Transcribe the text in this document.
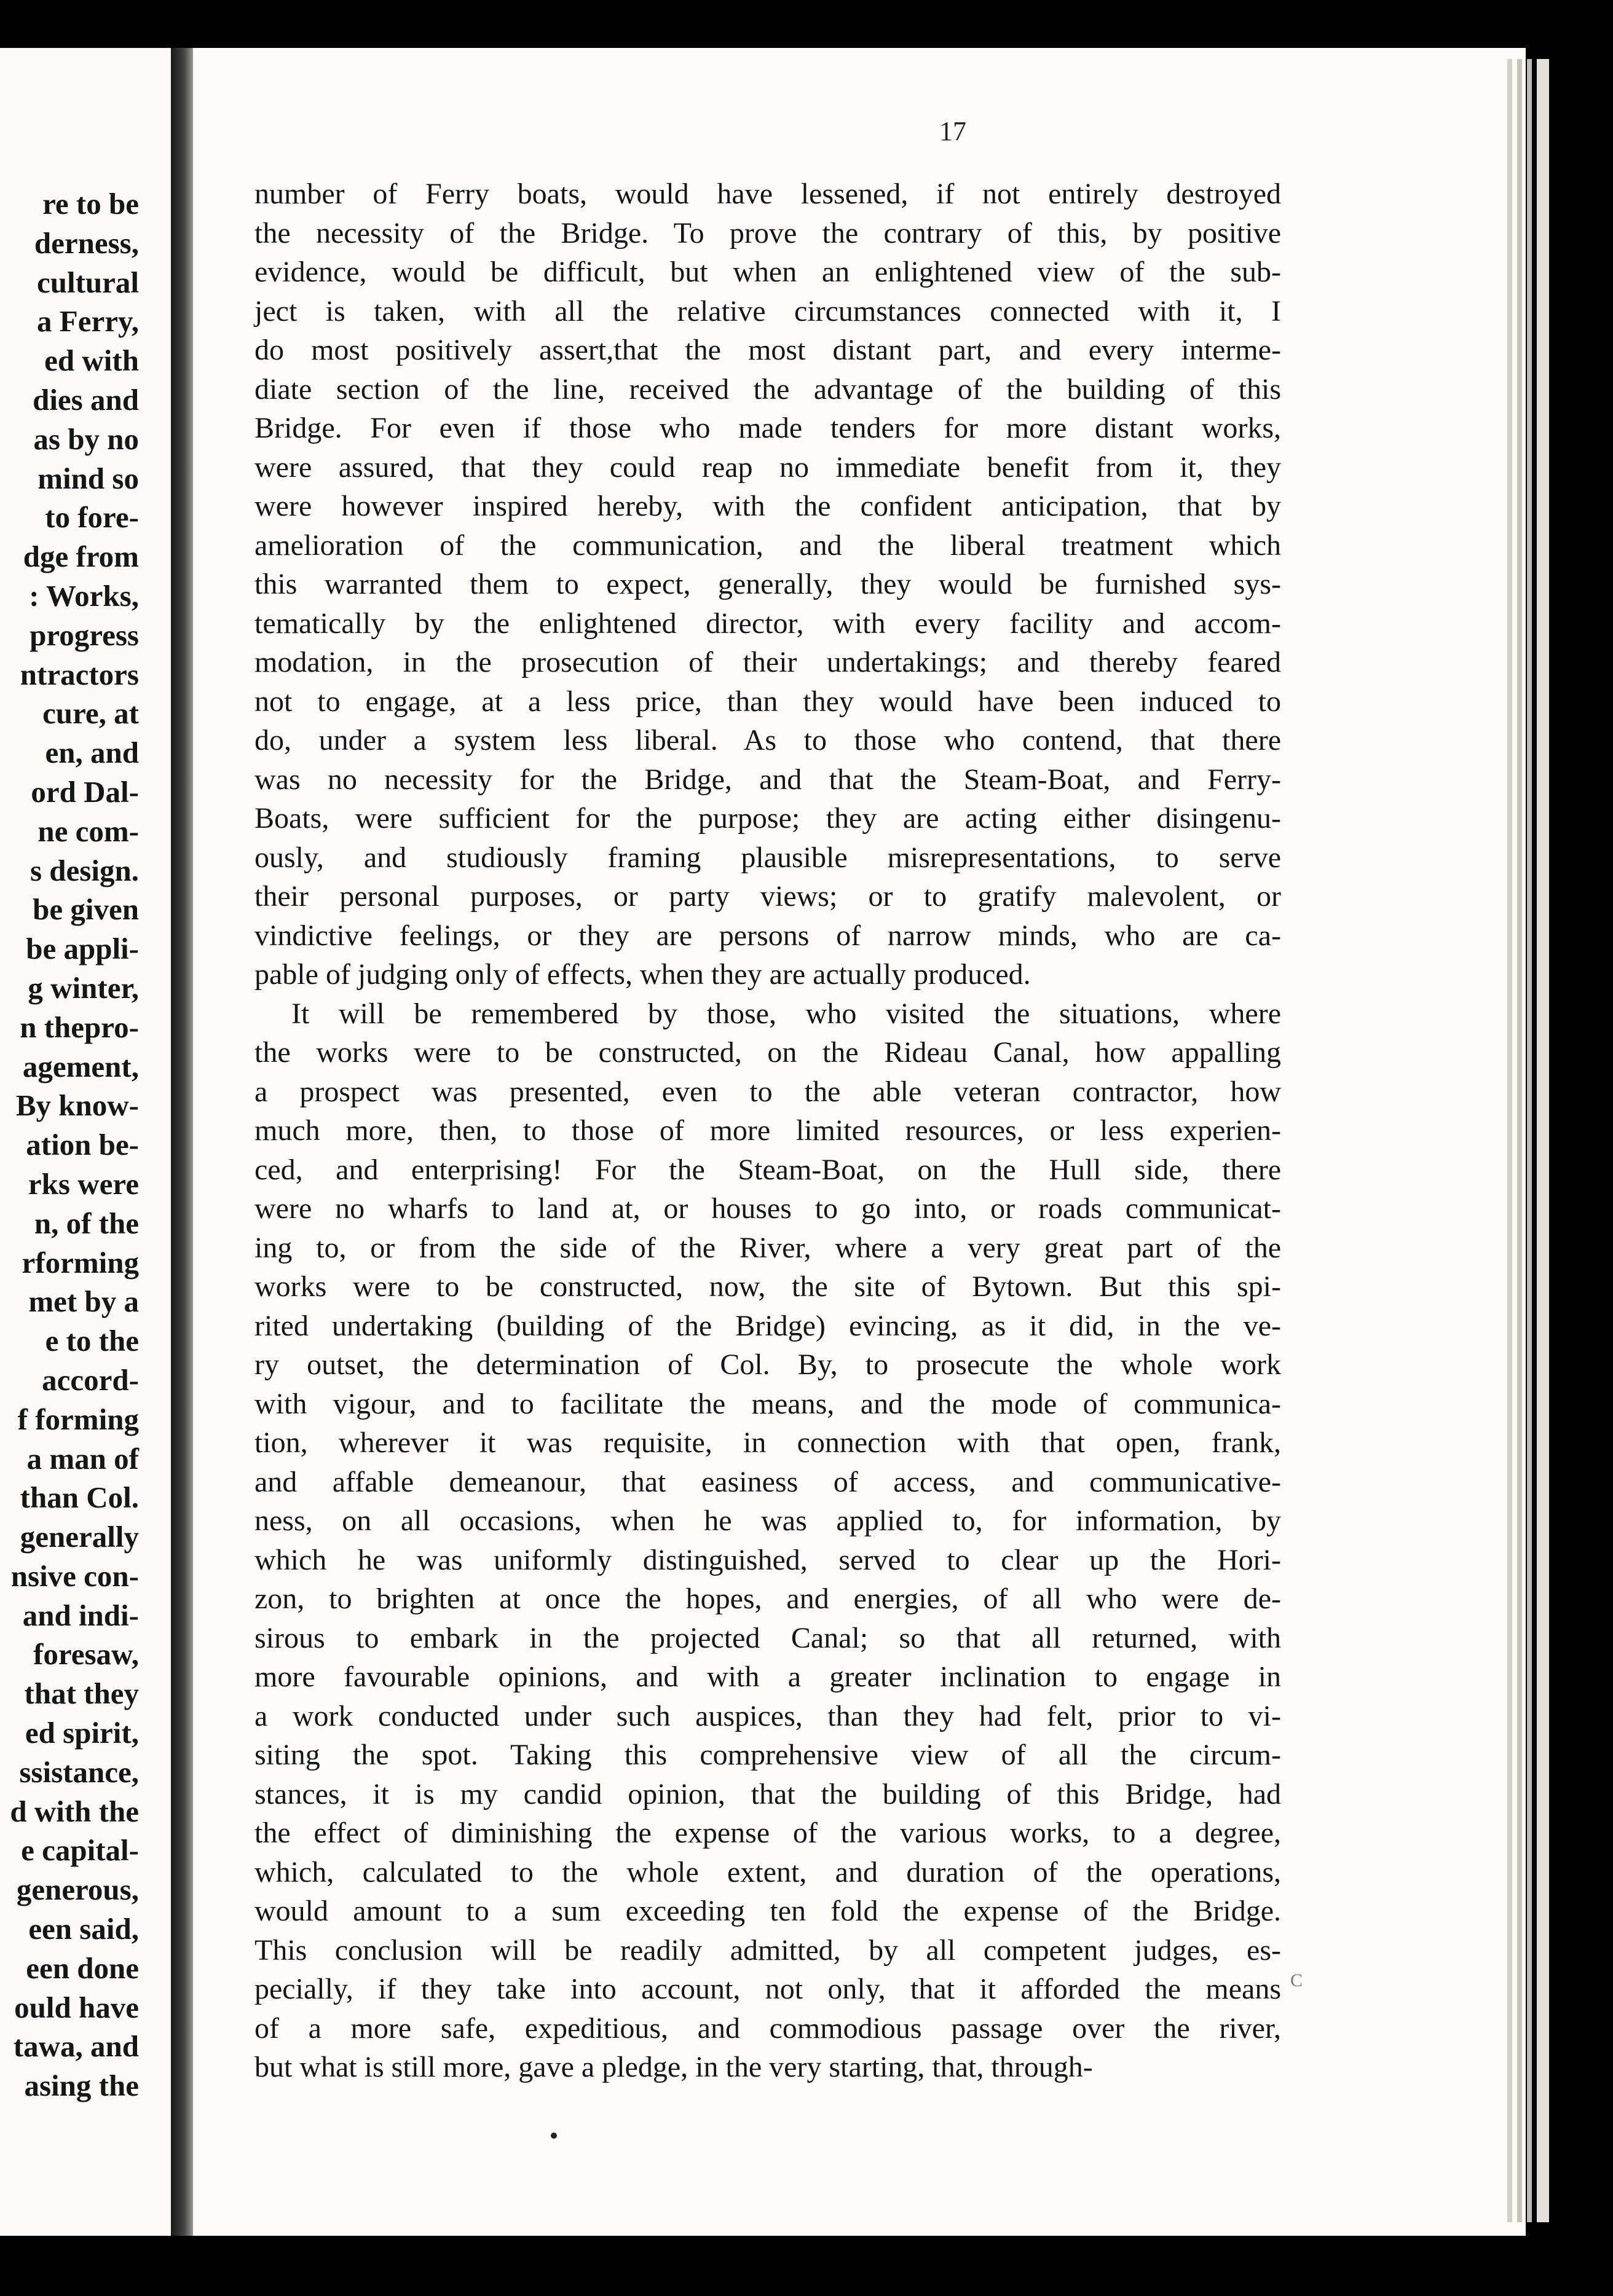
re to be
derness,
cultural
a Ferry,
ed with
dies and
as by no
mind so
to fore-
dge from
: Works,
progress
ntractors
cure, at
en, and
ord Dal-
ne com-
s design.
be given
be appli-
g winter,
n thepro-
agement,
By know-
ation be-
rks were
n, of the
rforming
met by a
e to the
accord-
f forming
a man of
than Col.
generally
nsive con-
and indi-
foresaw,
that they
ed spirit,
ssistance,
d with the
e capital-
generous,
een said,
een done
ould have
tawa, and
asing the
17
number of Ferry boats, would have lessened, if not entirely destroyed
the necessity of the Bridge. To prove the contrary of this, by positive
evidence, would be difficult, but when an enlightened view of the sub-
ject is taken, with all the relative circumstances connected with it, I
do most positively assert,that the most distant part, and every interme-
diate section of the line, received the advantage of the building of this
Bridge. For even if those who made tenders for more distant works,
were assured, that they could reap no immediate benefit from it, they
were however inspired hereby, with the confident anticipation, that by
amelioration of the communication, and the liberal treatment which
this warranted them to expect, generally, they would be furnished sys-
tematically by the enlightened director, with every facility and accom-
modation, in the prosecution of their undertakings; and thereby feared
not to engage, at a less price, than they would have been induced to
do, under a system less liberal. As to those who contend, that there
was no necessity for the Bridge, and that the Steam-Boat, and Ferry-
Boats, were sufficient for the purpose; they are acting either disingenu-
ously, and studiously framing plausible misrepresentations, to serve
their personal purposes, or party views; or to gratify malevolent, or
vindictive feelings, or they are persons of narrow minds, who are ca-
pable of judging only of effects, when they are actually produced.
It will be remembered by those, who visited the situations, where
the works were to be constructed, on the Rideau Canal, how appalling
a prospect was presented, even to the able veteran contractor, how
much more, then, to those of more limited resources, or less experien-
ced, and enterprising! For the Steam-Boat, on the Hull side, there
were no wharfs to land at, or houses to go into, or roads communicat-
ing to, or from the side of the River, where a very great part of the
works were to be constructed, now, the site of Bytown. But this spi-
rited undertaking (building of the Bridge) evincing, as it did, in the ve-
ry outset, the determination of Col. By, to prosecute the whole work
with vigour, and to facilitate the means, and the mode of communica-
tion, wherever it was requisite, in connection with that open, frank,
and affable demeanour, that easiness of access, and communicative-
ness, on all occasions, when he was applied to, for information, by
which he was uniformly distinguished, served to clear up the Hori-
zon, to brighten at once the hopes, and energies, of all who were de-
sirous to embark in the projected Canal; so that all returned, with
more favourable opinions, and with a greater inclination to engage in
a work conducted under such auspices, than they had felt, prior to vi-
siting the spot. Taking this comprehensive view of all the circum-
stances, it is my candid opinion, that the building of this Bridge, had
the effect of diminishing the expense of the various works, to a degree,
which, calculated to the whole extent, and duration of the operations,
would amount to a sum exceeding ten fold the expense of the Bridge.
This conclusion will be readily admitted, by all competent judges, es-
pecially, if they take into account, not only, that it afforded the means
of a more safe, expeditious, and commodious passage over the river,
but what is still more, gave a pledge, in the very starting, that, through-
C
